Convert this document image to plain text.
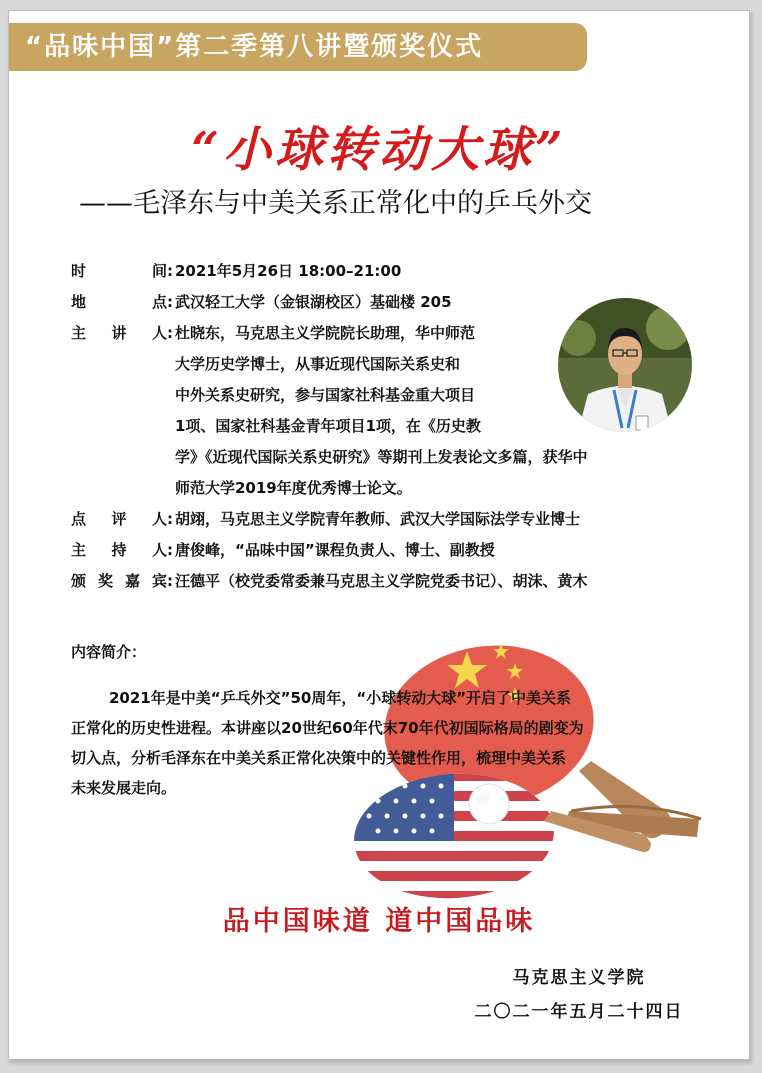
“品味中国”第二季第八讲暨颁奖仪式
“小球转动大球”
——毛泽东与中美关系正常化中的乒乓外交
时	间 : 2021年5月26日 18:00–21:00
地	点 : 武汉轻工大学（金银湖校区）基础楼 205
主 讲 人 : 杜晓东，马克思主义学院院长助理，华中师范
大学历史学博士，从事近现代国际关系史和
中外关系史研究，参与国家社科基金重大项目
1项、国家社科基金青年项目1项，在《历史教
学》《近现代国际关系史研究》等期刊上发表论文多篇，获华中
师范大学2019年度优秀博士论文。
点 评 人 : 胡翊，马克思主义学院青年教师、武汉大学国际法学专业博士
主 持 人 : 唐俊峰，“品味中国”课程负责人、博士、副教授
颁 奖 嘉 宾 : 汪德平（校党委常委兼马克思主义学院党委书记）、胡沫、黄木
内容简介：
2021年是中美“乒乓外交”50周年，“小球转动大球”开启了中美关系
正常化的历史性进程。本讲座以20世纪60年代末70年代初国际格局的剧变为
切入点，分析毛泽东在中美关系正常化决策中的关键性作用，梳理中美关系
未来发展走向。
品中国味道 道中国品味
马克思主义学院
二〇二一年五月二十四日
